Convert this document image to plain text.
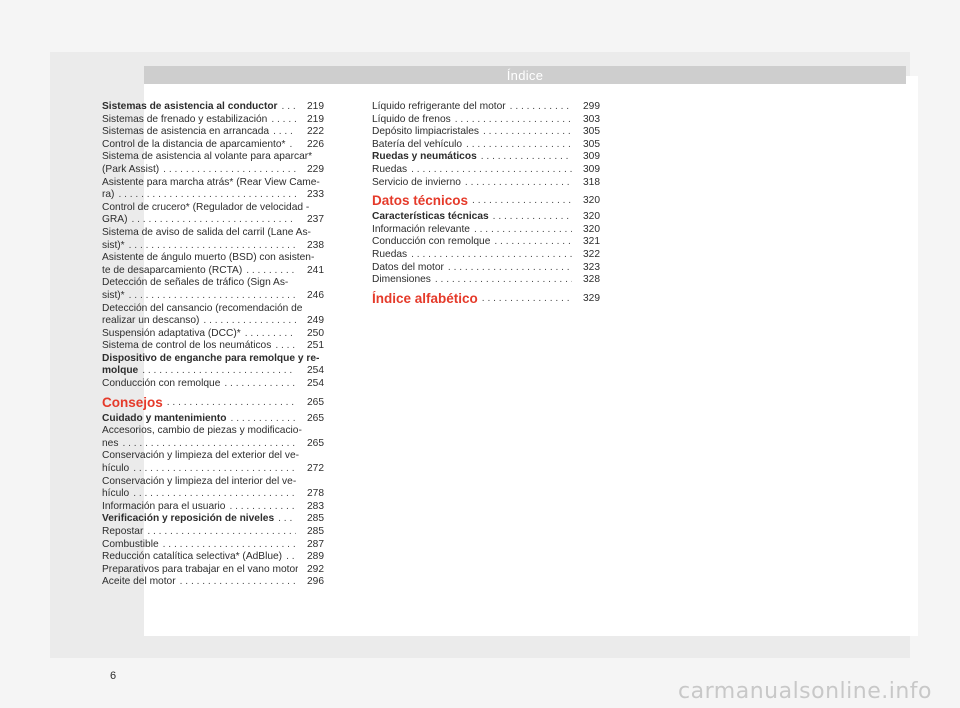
Índice
Sistemas de asistencia al conductor . . .	219
Sistemas de frenado y estabilización . . .	219
Sistemas de asistencia en arrancada . . .	222
Control de la distancia de aparcamiento* . . .	226
Sistema de asistencia al volante para aparcar*
(Park Assist) . . .	229
Asistente para marcha atrás* (Rear View Came-
ra) . . .	233
Control de crucero* (Regulador de velocidad -
GRA) . . .	237
Sistema de aviso de salida del carril (Lane As-
sist)* . . .	238
Asistente de ángulo muerto (BSD) con asisten-
te de desaparcamiento (RCTA) . . .	241
Detección de señales de tráfico (Sign As-
sist)* . . .	246
Detección del cansancio (recomendación de
realizar un descanso) . . .	249
Suspensión adaptativa (DCC)* . . .	250
Sistema de control de los neumáticos . . .	251
Dispositivo de enganche para remolque y re-
molque . . .	254
Conducción con remolque . . .	254
Consejos . . .	265
Cuidado y mantenimiento . . .	265
Accesorios, cambio de piezas y modificacio-
nes . . .	265
Conservación y limpieza del exterior del ve-
hículo . . .	272
Conservación y limpieza del interior del ve-
hículo . . .	278
Información para el usuario . . .	283
Verificación y reposición de niveles . . .	285
Repostar . . .	285
Combustible . . .	287
Reducción catalítica selectiva* (AdBlue) . . .	289
Preparativos para trabajar en el vano motor 292
Aceite del motor . . .	296
Líquido refrigerante del motor . . .	299
Líquido de frenos . . .	303
Depósito limpiacristales . . .	305
Batería del vehículo . . .	305
Ruedas y neumáticos . . .	309
Ruedas . . .	309
Servicio de invierno . . .	318
Datos técnicos . . .	320
Características técnicas . . .	320
Información relevante . . .	320
Conducción con remolque . . .	321
Ruedas . . .	322
Datos del motor . . .	323
Dimensiones . . .	328
Índice alfabético . . .	329
6
carmanualsonline.info
